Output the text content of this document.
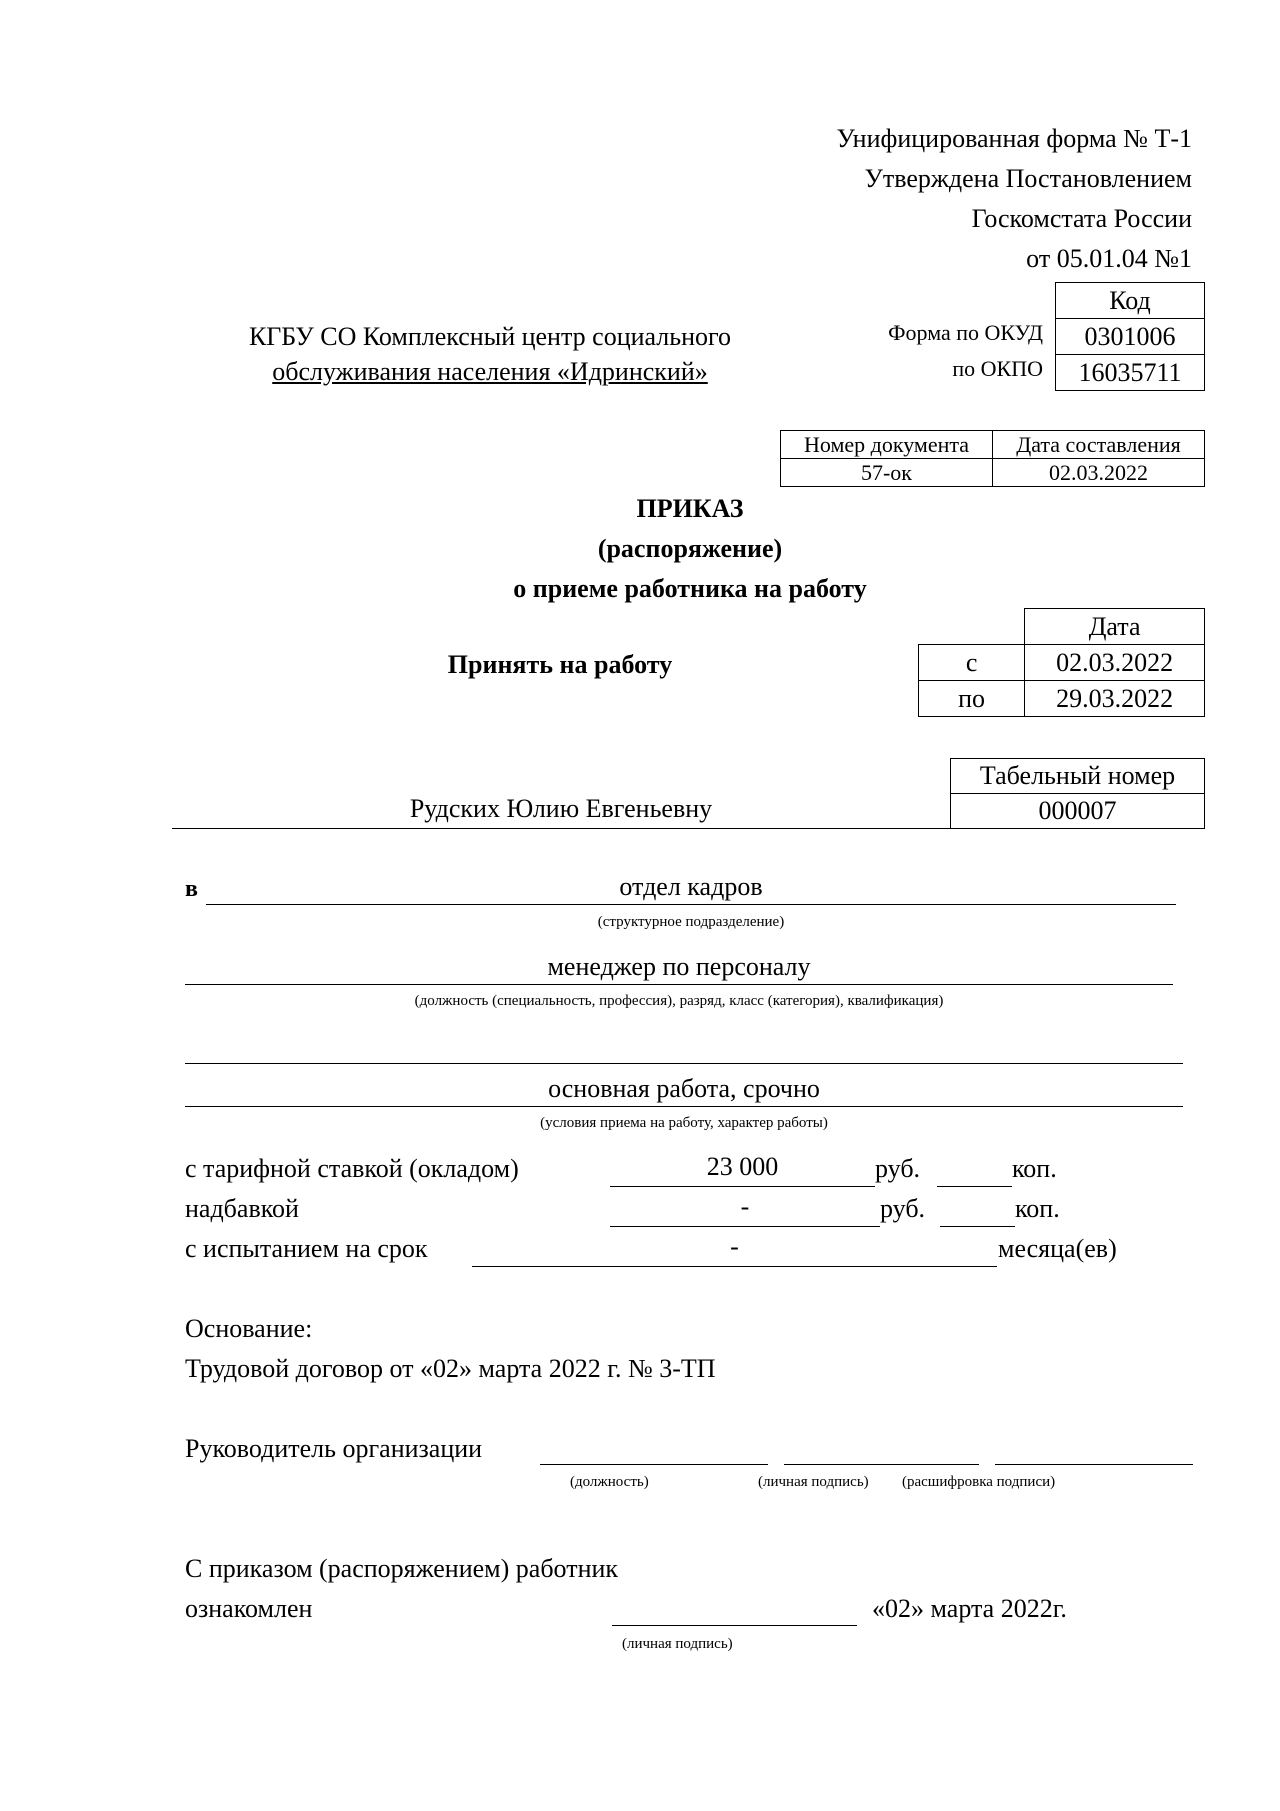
Унифицированная форма № Т-1
Утверждена Постановлением
Госкомстата России
от 05.01.04 №1
КГБУ СО Комплексный центр социального
обслуживания населения «Идринский»
Форма по ОКУД
по ОКПО
Код
0301006
16035711
Номер документа	Дата составления
57-ок	02.03.2022
ПРИКАЗ
(распоряжение)
о приеме работника на работу
Принять на работу
	Дата
с	02.03.2022
по	29.03.2022
Рудских Юлию Евгеньевну
Табельный номер
000007
в	отдел кадров
(структурное подразделение)
менеджер по персоналу
(должность (специальность, профессия), разряд, класс (категория), квалификация)
основная работа, срочно
(условия приема на работу, характер работы)
с тарифной ставкой (окладом)	23 000	руб.	коп.
надбавкой	-	руб.	коп.
с испытанием на срок	-	месяца(ев)
Основание:
Трудовой договор от «02» марта 2022 г. № 3-ТП
Руководитель организации
(должность)	(личная подпись) (расшифровка подписи)
С приказом (распоряжением) работник
ознакомлен	«02» марта 2022г.
(личная подпись)
